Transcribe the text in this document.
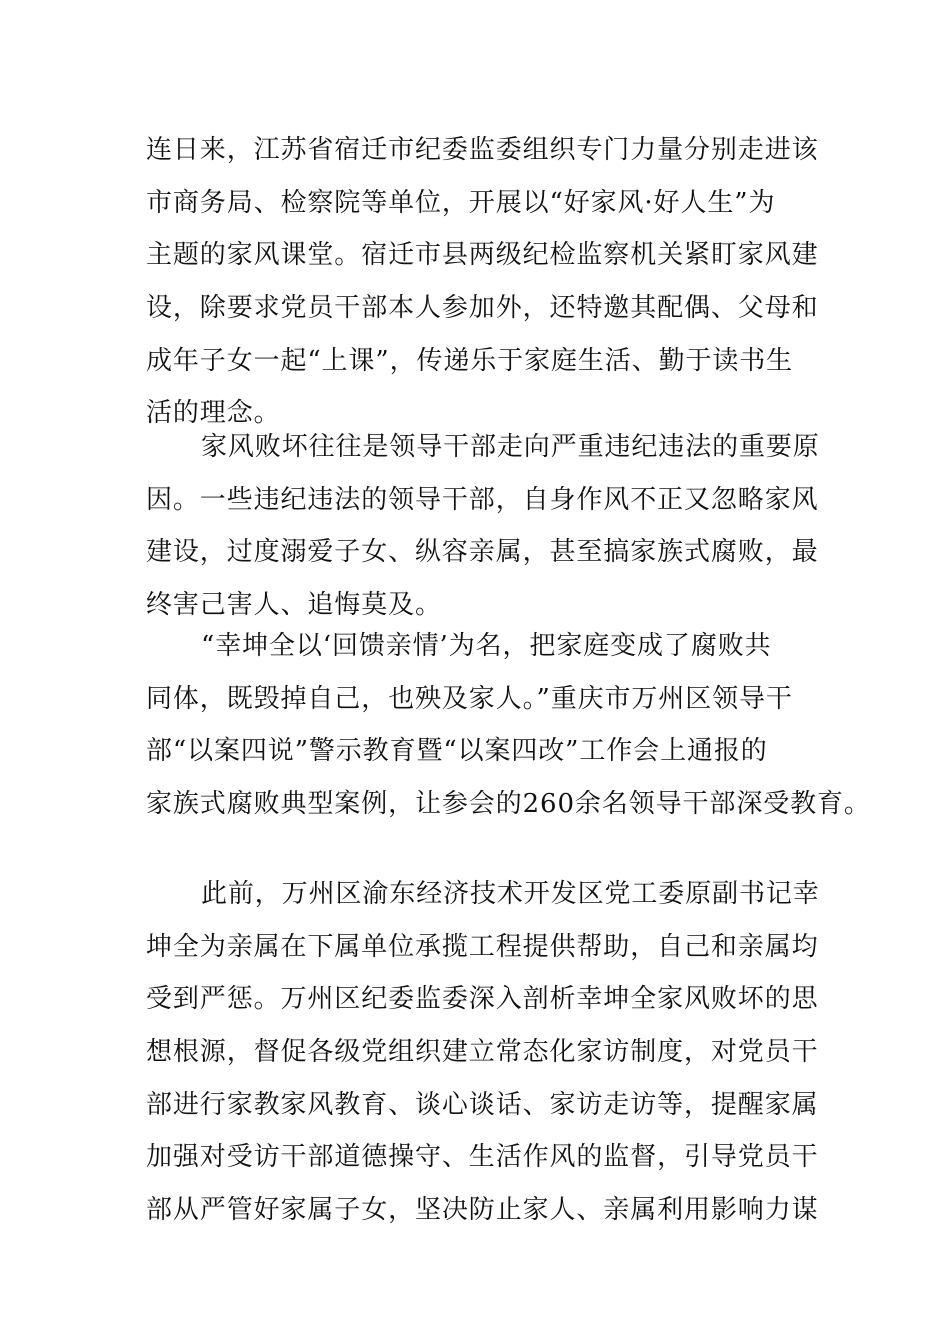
连日来，江苏省宿迁市纪委监委组织专门力量分别走进该
市商务局、检察院等单位，开展以“好家风·好人生”为
主题的家风课堂。宿迁市县两级纪检监察机关紧盯家风建
设，除要求党员干部本人参加外，还特邀其配偶、父母和
成年子女一起“上课”，传递乐于家庭生活、勤于读书生
活的理念。
家风败坏往往是领导干部走向严重违纪违法的重要原
因。一些违纪违法的领导干部，自身作风不正又忽略家风
建设，过度溺爱子女、纵容亲属，甚至搞家族式腐败，最
终害己害人、追悔莫及。
“幸坤全以‘回馈亲情’为名，把家庭变成了腐败共
同体，既毁掉自己，也殃及家人。”重庆市万州区领导干
部“以案四说”警示教育暨“以案四改”工作会上通报的
家族式腐败典型案例，让参会的260余名领导干部深受教育。
此前，万州区渝东经济技术开发区党工委原副书记幸
坤全为亲属在下属单位承揽工程提供帮助，自己和亲属均
受到严惩。万州区纪委监委深入剖析幸坤全家风败坏的思
想根源，督促各级党组织建立常态化家访制度，对党员干
部进行家教家风教育、谈心谈话、家访走访等，提醒家属
加强对受访干部道德操守、生活作风的监督，引导党员干
部从严管好家属子女，坚决防止家人、亲属利用影响力谋
